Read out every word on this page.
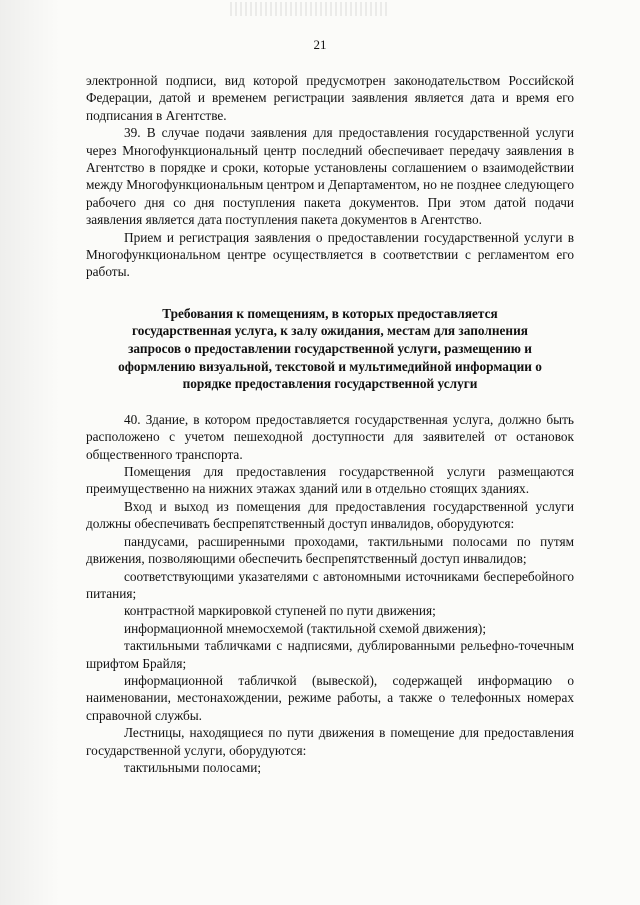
21

электронной подписи, вид которой предусмотрен законодательством Российской Федерации, датой и временем регистрации заявления является дата и время его подписания в Агентстве.

39. В случае подачи заявления для предоставления государственной услуги через Многофункциональный центр последний обеспечивает передачу заявления в Агентство в порядке и сроки, которые установлены соглашением о взаимодействии между Многофункциональным центром и Департаментом, но не позднее следующего рабочего дня со дня поступления пакета документов. При этом датой подачи заявления является дата поступления пакета документов в Агентство.

Прием и регистрация заявления о предоставлении государственной услуги в Многофункциональном центре осуществляется в соответствии с регламентом его работы.

Требования к помещениям, в которых предоставляется
государственная услуга, к залу ожидания, местам для заполнения
запросов о предоставлении государственной услуги, размещению и
оформлению визуальной, текстовой и мультимедийной информации о
порядке предоставления государственной услуги

40. Здание, в котором предоставляется государственная услуга, должно быть расположено с учетом пешеходной доступности для заявителей от остановок общественного транспорта.

Помещения для предоставления государственной услуги размещаются преимущественно на нижних этажах зданий или в отдельно стоящих зданиях.

Вход и выход из помещения для предоставления государственной услуги должны обеспечивать беспрепятственный доступ инвалидов, оборудуются:

пандусами, расширенными проходами, тактильными полосами по путям движения, позволяющими обеспечить беспрепятственный доступ инвалидов;

соответствующими указателями с автономными источниками бесперебойного питания;

контрастной маркировкой ступеней по пути движения;

информационной мнемосхемой (тактильной схемой движения);

тактильными табличками с надписями, дублированными рельефно-точечным шрифтом Брайля;

информационной табличкой (вывеской), содержащей информацию о наименовании, местонахождении, режиме работы, а также о телефонных номерах справочной службы.

Лестницы, находящиеся по пути движения в помещение для предоставления государственной услуги, оборудуются:

тактильными полосами;
